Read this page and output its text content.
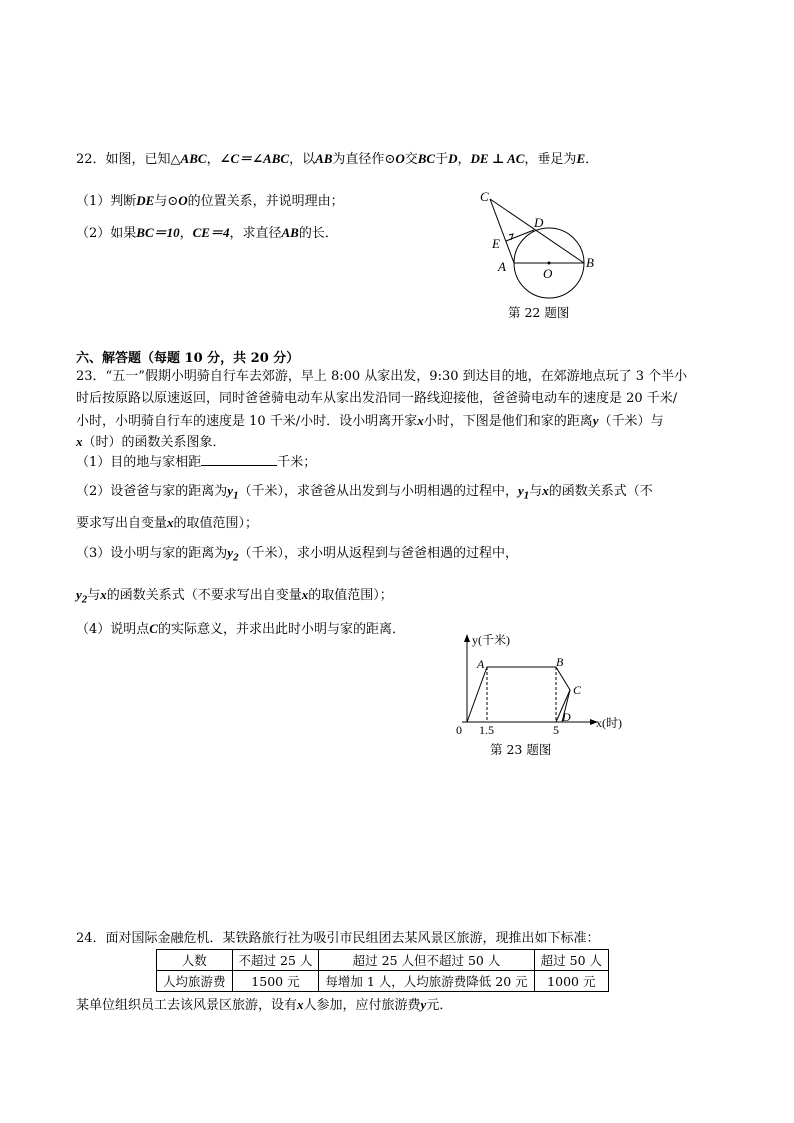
22．如图，已知△ABC，∠C＝∠ABC，以AB为直径作⊙O交BC于D，DE ⊥ AC，垂足为E．
（1）判断DE与⊙O的位置关系，并说明理由；
（2）如果BC＝10，CE＝4，求直径AB的长．
C
D
E
A	O
B
第 22 题图
六、解答题（每题 10 分，共 20 分）
23．“五一”假期小明骑自行车去郊游，早上 8:00 从家出发，9:30 到达目的地，在郊游地点玩了 3 个半小
时后按原路以原速返回，同时爸爸骑电动车从家出发沿同一路线迎接他，爸爸骑电动车的速度是 20 千米/
小时，小明骑自行车的速度是 10 千米/小时．设小明离开家x小时，下图是他们和家的距离y（千米）与
x（时）的函数关系图象．
（1）目的地与家相距	千米；
（2）设爸爸与家的距离为$y_1$（千米），求爸爸从出发到与小明相遇的过程中，$y_1$与x的函数关系式（不
要求写出自变量x的取值范围）；
（3）设小明与家的距离为$y_2$（千米），求小明从返程到与爸爸相遇的过程中，
$y_2$与x的函数关系式（不要求写出自变量x的取值范围）；
（4）说明点C的实际意义，并求出此时小明与家的距离．
y(千米)
x(时)
A	B
C
D
0 1.5	5
第 23 题图
24．面对国际金融危机．某铁路旅行社为吸引市民组团去某风景区旅游，现推出如下标准：
人数	不超过 25 人	超过 25 人但不超过 50 人	超过 50 人
人均旅游费	1500 元	每增加 1 人，人均旅游费降低 20 元	1000 元
某单位组织员工去该风景区旅游，设有x人参加，应付旅游费y元．
